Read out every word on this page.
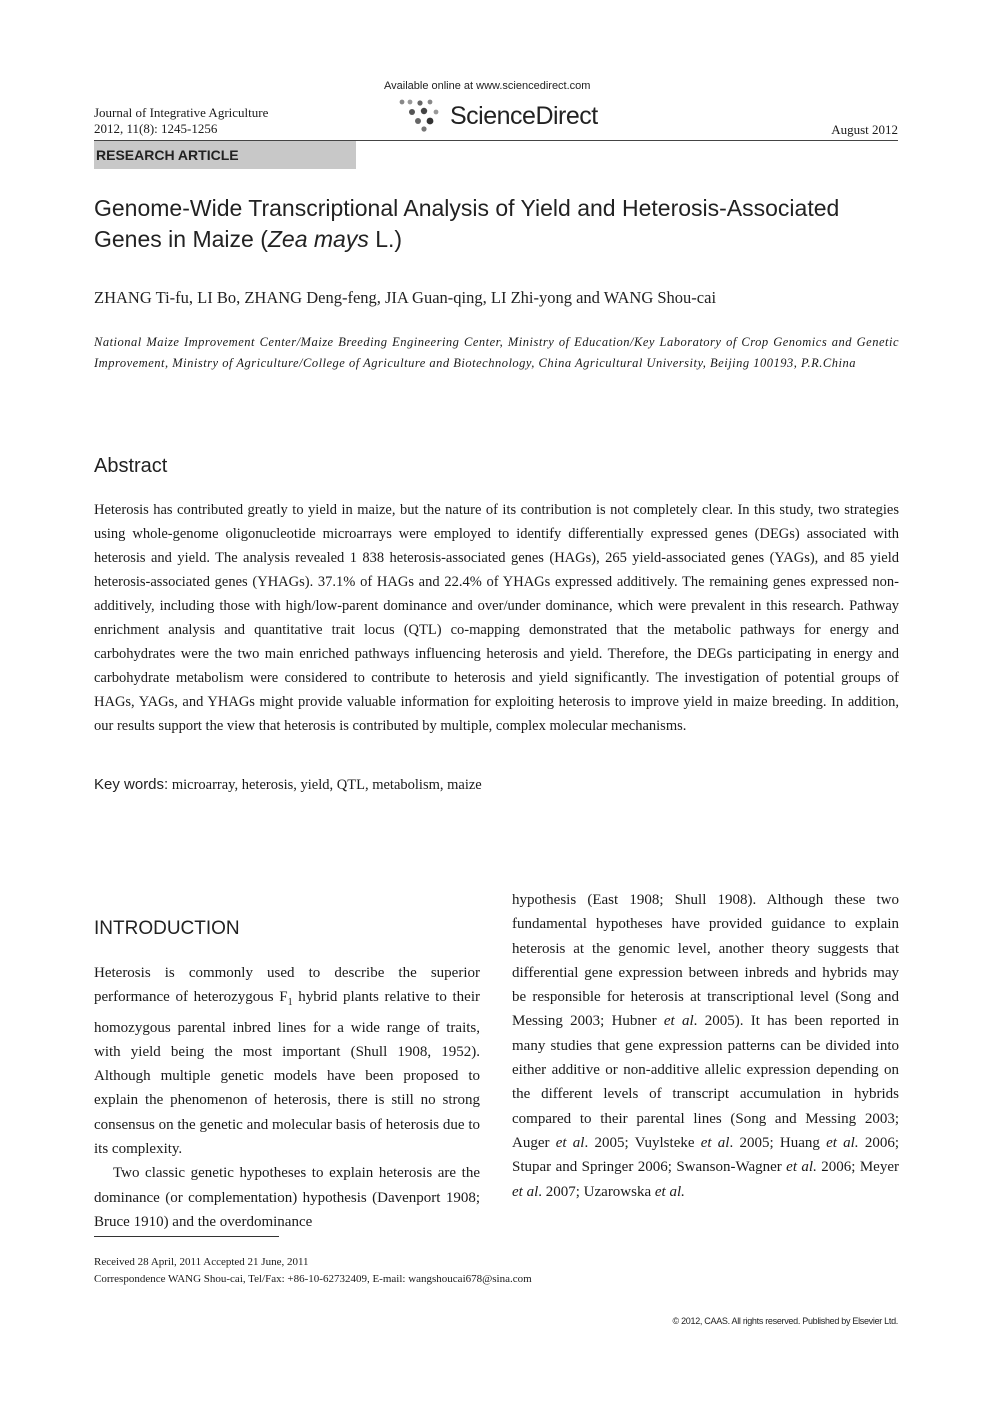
Journal of Integrative Agriculture
2012, 11(8): 1245-1256
Available online at www.sciencedirect.com
ScienceDirect	August 2012
RESEARCH ARTICLE
Genome-Wide Transcriptional Analysis of Yield and Heterosis-Associated Genes in Maize (Zea mays L.)
ZHANG Ti-fu, LI Bo, ZHANG Deng-feng, JIA Guan-qing, LI Zhi-yong and WANG Shou-cai
National Maize Improvement Center/Maize Breeding Engineering Center, Ministry of Education/Key Laboratory of Crop Genomics and Genetic Improvement, Ministry of Agriculture/College of Agriculture and Biotechnology, China Agricultural University, Beijing 100193, P.R.China
Abstract
Heterosis has contributed greatly to yield in maize, but the nature of its contribution is not completely clear. In this study, two strategies using whole-genome oligonucleotide microarrays were employed to identify differentially expressed genes (DEGs) associated with heterosis and yield. The analysis revealed 1 838 heterosis-associated genes (HAGs), 265 yield-associated genes (YAGs), and 85 yield heterosis-associated genes (YHAGs). 37.1% of HAGs and 22.4% of YHAGs expressed additively. The remaining genes expressed non-additively, including those with high/low-parent dominance and over/under dominance, which were prevalent in this research. Pathway enrichment analysis and quantitative trait locus (QTL) co-mapping demonstrated that the metabolic pathways for energy and carbohydrates were the two main enriched pathways influencing heterosis and yield. Therefore, the DEGs participating in energy and carbohydrate metabolism were considered to contribute to heterosis and yield significantly. The investigation of potential groups of HAGs, YAGs, and YHAGs might provide valuable information for exploiting heterosis to improve yield in maize breeding. In addition, our results support the view that heterosis is contributed by multiple, complex molecular mechanisms.
Key words: microarray, heterosis, yield, QTL, metabolism, maize
INTRODUCTION

Heterosis is commonly used to describe the superior performance of heterozygous $F_1$ hybrid plants relative to their homozygous parental inbred lines for a wide range of traits, with yield being the most important (Shull 1908, 1952). Although multiple genetic models have been proposed to explain the phenomenon of heterosis, there is still no strong consensus on the genetic and molecular basis of heterosis due to its complexity.

Two classic genetic hypotheses to explain heterosis are the dominance (or complementation) hypothesis (Davenport 1908; Bruce 1910) and the overdominance

hypothesis (East 1908; Shull 1908). Although these two fundamental hypotheses have provided guidance to explain heterosis at the genomic level, another theory suggests that differential gene expression between inbreds and hybrids may be responsible for heterosis at transcriptional level (Song and Messing 2003; Hubner et al. 2005). It has been reported in many studies that gene expression patterns can be divided into either additive or non-additive allelic expression depending on the different levels of transcript accumulation in hybrids compared to their parental lines (Song and Messing 2003; Auger et al. 2005; Vuylsteke et al. 2005; Huang et al. 2006; Stupar and Springer 2006; Swanson-Wagner et al. 2006; Meyer et al. 2007; Uzarowska et al.

Received 28 April, 2011 Accepted 21 June, 2011
Correspondence WANG Shou-cai, Tel/Fax: +86-10-62732409, E-mail: wangshoucai678@sina.com
© 2012, CAAS. All rights reserved. Published by Elsevier Ltd.
